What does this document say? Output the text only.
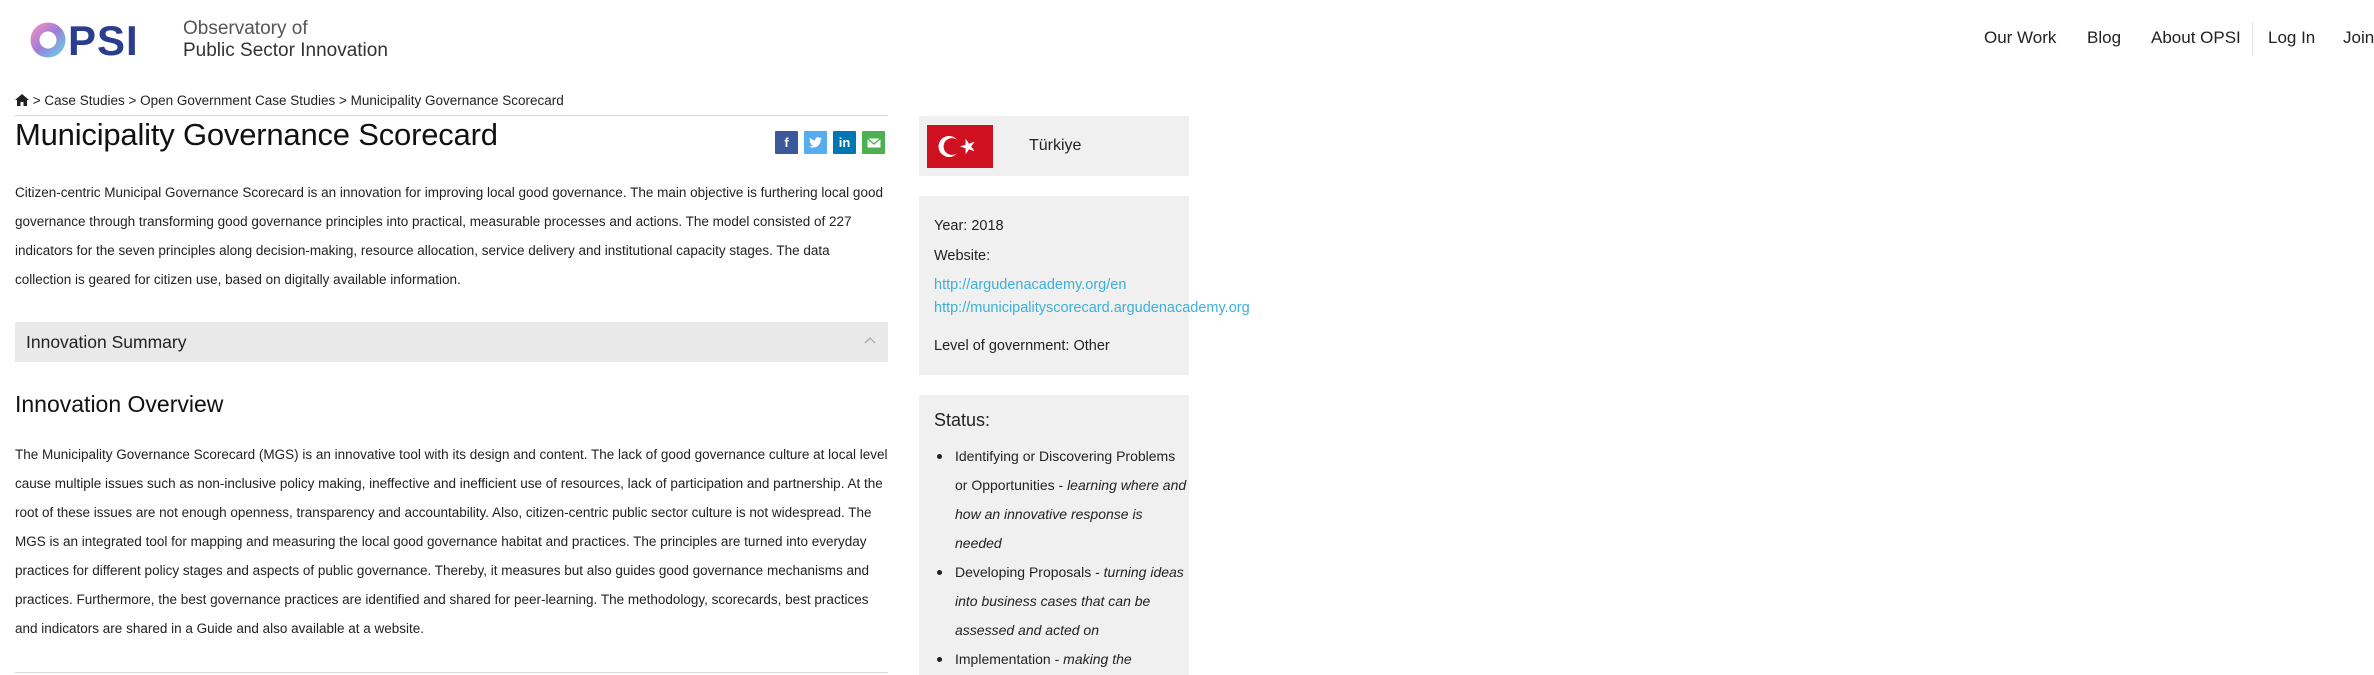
PSI Observatory of
Public Sector Innovation
Our Work Blog About OPSI Log In Join
> Case Studies > Open Government Case Studies > Municipality Governance Scorecard
Municipality Governance Scorecard	f	in
Citizen-centric Municipal Governance Scorecard is an innovation for improving local good governance. The main objective is furthering local good governance through transforming good governance principles into practical, measurable processes and actions. The model consisted of 227 indicators for the seven principles along decision-making, resource allocation, service delivery and institutional capacity stages. The data collection is geared for citizen use, based on digitally available information.
Innovation Summary
Innovation Overview
The Municipality Governance Scorecard (MGS) is an innovative tool with its design and content. The lack of good governance culture at local level cause multiple issues such as non-inclusive policy making, ineffective and inefficient use of resources, lack of participation and partnership. At the root of these issues are not enough openness, transparency and accountability. Also, citizen-centric public sector culture is not widespread. The MGS is an integrated tool for mapping and measuring the local good governance habitat and practices. The principles are turned into everyday practices for different policy stages and aspects of public governance. Thereby, it measures but also guides good governance mechanisms and practices. Furthermore, the best governance practices are identified and shared for peer-learning. The methodology, scorecards, best practices and indicators are shared in a Guide and also available at a website.
Türkiye
Year: 2018
Website:
http://argudenacademy.org/en
http://municipalityscorecard.argudenacademy.org
Level of government: Other
Status:
Identifying or Discovering Problems or Opportunities - learning where and how an innovative response is needed
Developing Proposals - turning ideas into business cases that can be assessed and acted on
Implementation - making the
